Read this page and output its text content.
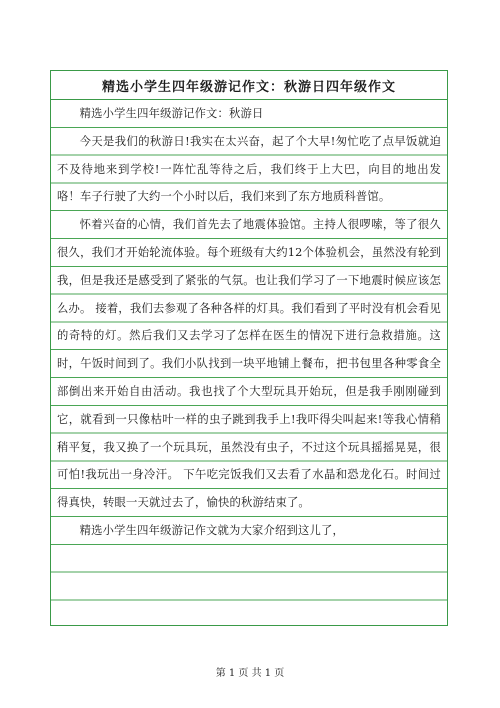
精选小学生四年级游记作文：秋游日四年级作文

精选小学生四年级游记作文：秋游日

今天是我们的秋游日!我实在太兴奋，起了个大早!匆忙吃了点早饭就迫不及待地来到学校!一阵忙乱等待之后，我们终于上大巴，向目的地出发咯！车子行驶了大约一个小时以后，我们来到了东方地质科普馆。

怀着兴奋的心情，我们首先去了地震体验馆。主持人很啰嗦，等了很久很久，我们才开始轮流体验。每个班级有大约12个体验机会，虽然没有轮到我，但是我还是感受到了紧张的气氛。也让我们学习了一下地震时候应该怎么办。 接着，我们去参观了各种各样的灯具。我们看到了平时没有机会看见的奇特的灯。然后我们又去学习了怎样在医生的情况下进行急救措施。这时，午饭时间到了。我们小队找到一块平地铺上餐布，把书包里各种零食全部倒出来开始自由活动。我也找了个大型玩具开始玩，但是我手刚刚碰到它，就看到一只像枯叶一样的虫子跳到我手上!我吓得尖叫起来!等我心情稍稍平复，我又换了一个玩具玩，虽然没有虫子，不过这个玩具摇摇晃晃，很可怕!我玩出一身冷汗。 下午吃完饭我们又去看了水晶和恐龙化石。时间过得真快，转眼一天就过去了，愉快的秋游结束了。

精选小学生四年级游记作文就为大家介绍到这儿了，

第 1 页 共 1 页
